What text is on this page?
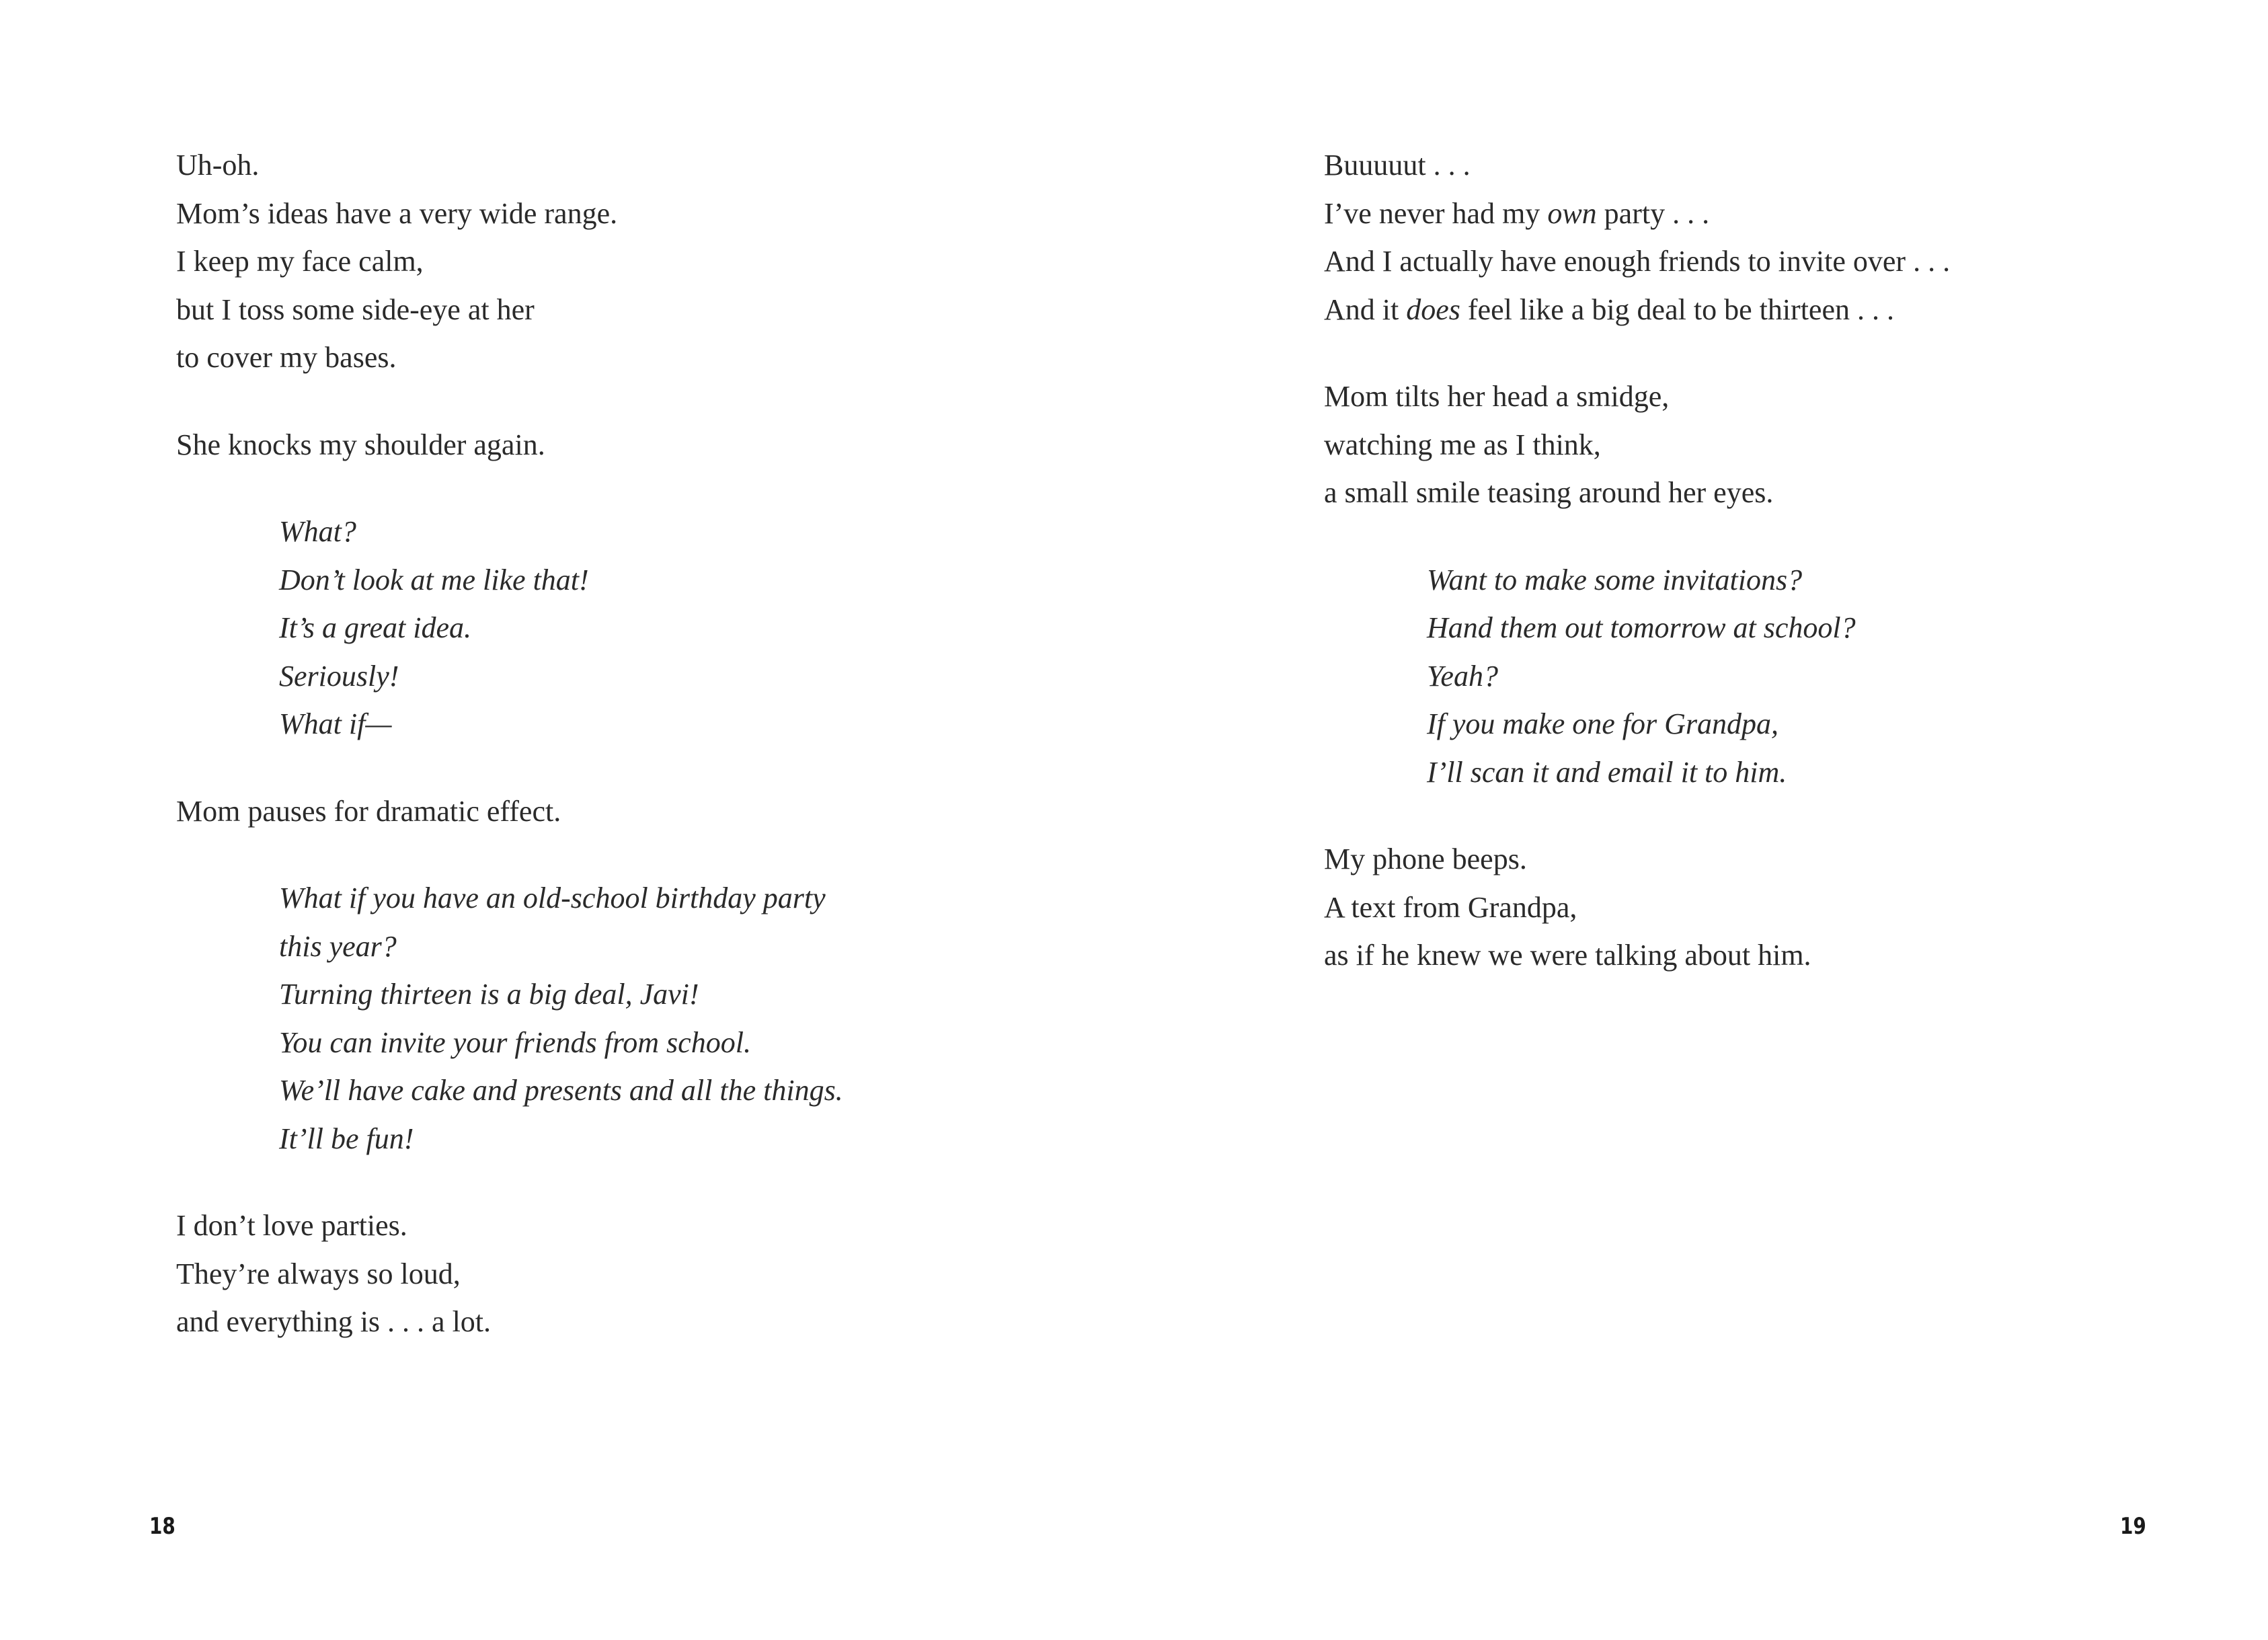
Uh-oh.
Mom’s ideas have a very wide range.
I keep my face calm,
but I toss some side-eye at her
to cover my bases.
She knocks my shoulder again.
What?
Don’t look at me like that!
It’s a great idea.
Seriously!
What if—
Mom pauses for dramatic effect.
What if you have an old-school birthday party
this year?
Turning thirteen is a big deal, Javi!
You can invite your friends from school.
We’ll have cake and presents and all the things.
It’ll be fun!
I don’t love parties.
They’re always so loud,
and everything is . . . a lot.
18
Buuuuut . . .
I’ve never had my own party . . .
And I actually have enough friends to invite over . . .
And it does feel like a big deal to be thirteen . . .
Mom tilts her head a smidge,
watching me as I think,
a small smile teasing around her eyes.
Want to make some invitations?
Hand them out tomorrow at school?
Yeah?
If you make one for Grandpa,
I’ll scan it and email it to him.
My phone beeps.
A text from Grandpa,
as if he knew we were talking about him.
19
